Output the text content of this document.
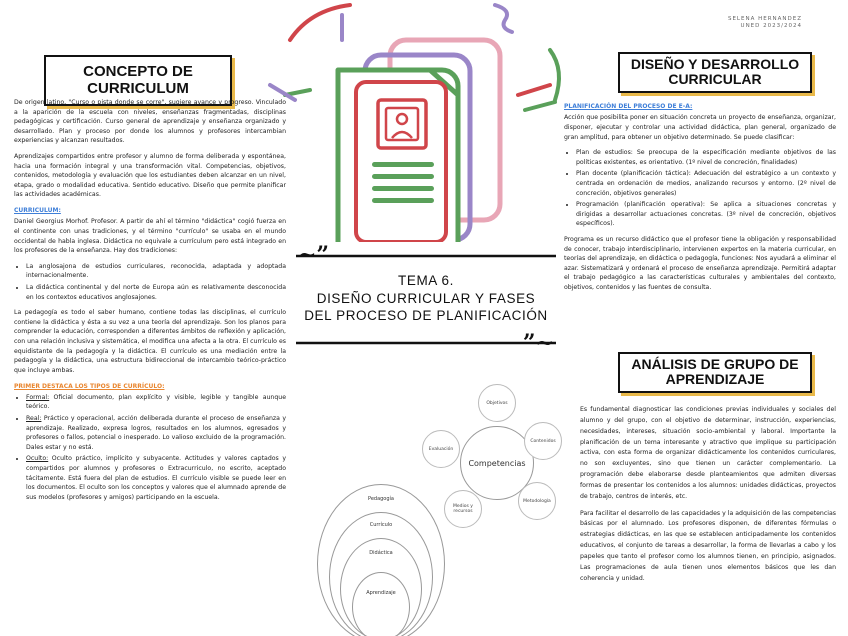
SELENA HERNANDEZ
UNED 2023/2024
CONCEPTO DE CURRICULUM
DISEÑO Y DESARROLLO CURRICULAR
ANÁLISIS DE GRUPO DE APRENDIZAJE

De origen latino, "Curso o pista donde se corre", sugiere avance y progreso. Vinculado a la aparición de la escuela con niveles, enseñanzas fragmentadas, disciplinas pedagógicas y certificación. Curso general de aprendizaje y enseñanza organizado y desarrollado. Plan y proceso por donde los alumnos y profesores intercambian experiencias y alcanzan resultados.

Aprendizajes compartidos entre profesor y alumno de forma deliberada y espontánea, hacia una formación integral y una transformación vital. Competencias, objetivos, contenidos, metodología y evaluación que los estudiantes deben alcanzar en un nivel, etapa, grado o modalidad educativa. Sentido educativo. Diseño que permite planificar las actividades académicas.

CURRICULUM:

Daniel Georgius Morhof. Profesor. A partir de ahí el término "didáctica" cogió fuerza en el continente con unas tradiciones, y el término "currículo" se usaba en el mundo occidental de habla inglesa. Didáctica no equivale a currículum pero está integrado en los profesores de la enseñanza. Hay dos tradiciones:

• La anglosajona de estudios curriculares, reconocida, adaptada y adoptada internacionalmente.
• La didáctica continental y del norte de Europa aún es relativamente desconocida en los contextos educativos anglosajones.

La pedagogía es todo el saber humano, contiene todas las disciplinas, el currículo contiene la didáctica y ésta a su vez a una teoría del aprendizaje. Son los planos para comprender la educación, corresponden a diferentes ámbitos de reflexión y aplicación, con una relación inclusiva y sistemática, el modifica una afecta a la otra. El currículo es equidistante de la pedagogía y la didáctica. El currículo es una mediación entre la pedagogía y la didáctica, una estructura bidireccional de intercambio teórico-práctico que incluye ambas.

PRIMER DESTACA LOS TIPOS DE CURRÍCULO:
• Formal: Oficial documento, plan explícito y visible, legible y tangible aunque teórico.
• Real: Práctico y operacional, acción deliberada durante el proceso de enseñanza y aprendizaje. Realizado, expresa logros, resultados en los alumnos, egresados y profesores o fallos, potencial o inesperado. Lo valioso excluido de la programación. Dales estar y no está.
• Oculto: Oculto práctico, implícito y subyacente. Actitudes y valores captados y compartidos por alumnos y profesores o Extracurriculo, no escrito, aceptado tácitamente. Está fuera del plan de estudios. El currículo visible se puede leer en los documentos. El oculto son los conceptos y valores que el alumnado aprende de sus modelos (profesores y amigos) participando en la escuela.
~”
”~
TEMA 6.
DISEÑO CURRICULAR Y FASES
DEL PROCESO DE PLANIFICACIÓN
PLANIFICACIÓN DEL PROCESO DE E-A:

Acción que posibilita poner en situación concreta un proyecto de enseñanza, organizar, disponer, ejecutar y controlar una actividad didáctica, plan general, organizado de gran amplitud, para obtener un objetivo determinado. Se puede clasificar:

• Plan de estudios: Se preocupa de la especificación mediante objetivos de las políticas existentes, es orientativo. (1º nivel de concreción, finalidades)
• Plan docente (planificación táctica): Adecuación del estratégico a un contexto y centrada en ordenación de medios, analizando recursos y entorno. (2º nivel de concreción, objetivos generales)
• Programación (planificación operativa): Se aplica a situaciones concretas y dirigidas a desarrollar actuaciones concretas. (3º nivel de concreción, objetivos específicos).

Programa es un recurso didáctico que el profesor tiene la obligación y responsabilidad de conocer, trabajo interdisciplinario, intervienen expertos en la materia curricular, en teorías del aprendizaje, en didáctica o pedagogía, funciones: Nos ayudará a eliminar el azar. Sistematizará y ordenará el proceso de enseñanza aprendizaje. Permitirá adaptar el trabajo pedagógico a las características culturales y ambientales del contexto, objetivos, contenidos y las fuentes de consulta.

Es fundamental diagnosticar las condiciones previas individuales y sociales del alumno y del grupo, con el objetivo de determinar, instrucción, experiencias, necesidades, intereses, situación socio-ambiental y laboral. Importante la planificación de un tema interesante y atractivo que implique su participación activa, con esta forma de organizar didácticamente los contenidos curriculares, no son excluyentes, sino que tienen un carácter complementario. La programación debe elaborarse desde planteamientos que admiten diversas formas de presentar los contenidos a los alumnos: unidades didácticas, proyectos de trabajo, centros de interés, etc.

Para facilitar el desarrollo de las capacidades y la adquisición de las competencias básicas por el alumnado. Los profesores disponen, de diferentes fórmulas o estrategias didácticas, en las que se establecen anticipadamente los contenidos educativos, el conjunto de tareas a desarrollar, la forma de llevarlas a cabo y los papeles que tanto el profesor como los alumnos tienen, en principio, asignados. Las programaciones de aula tienen unos elementos básicos que les dan coherencia y unidad.

Competencias
Objetivos
Contenidos
Metodología
Medios y recursos
Evaluación
Pedagogía
Currículo
Didáctica
Aprendizaje
